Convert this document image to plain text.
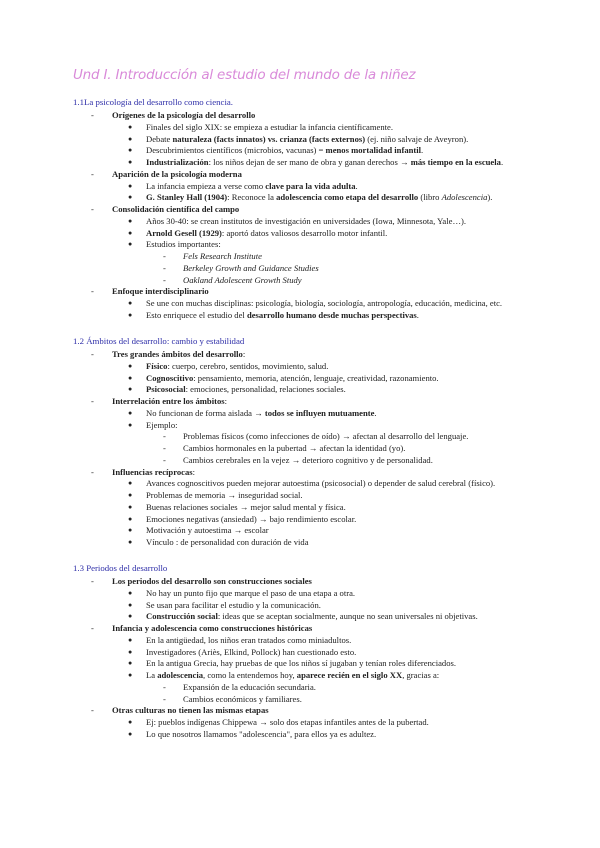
Und I. Introducción al estudio del mundo de la niñez
1.1La psicología del desarrollo como ciencia.
- Orígenes de la psicología del desarrollo
● Finales del siglo XIX: se empieza a estudiar la infancia científicamente.
● Debate naturaleza (facts innatos) vs. crianza (facts externos) (ej. niño salvaje de Aveyron).
● Descubrimientos científicos (microbios, vacunas) = menos mortalidad infantil.
● Industrialización: los niños dejan de ser mano de obra y ganan derechos → más tiempo en la escuela.
- Aparición de la psicología moderna
● La infancia empieza a verse como clave para la vida adulta.
● G. Stanley Hall (1904): Reconoce la adolescencia como etapa del desarrollo (libro Adolescencia).
- Consolidación científica del campo
● Años 30-40: se crean institutos de investigación en universidades (Iowa, Minnesota, Yale…).
● Arnold Gesell (1929): aportó datos valiosos desarrollo motor infantil.
● Estudios importantes:
- Fels Research Institute
- Berkeley Growth and Guidance Studies
- Oakland Adolescent Growth Study
- Enfoque interdisciplinario
● Se une con muchas disciplinas: psicología, biología, sociología, antropología, educación, medicina, etc.
● Esto enriquece el estudio del desarrollo humano desde muchas perspectivas.
1.2 Ámbitos del desarrollo: cambio y estabilidad
- Tres grandes ámbitos del desarrollo:
● Físico: cuerpo, cerebro, sentidos, movimiento, salud.
● Cognoscitivo: pensamiento, memoria, atención, lenguaje, creatividad, razonamiento.
● Psicosocial: emociones, personalidad, relaciones sociales.
- Interrelación entre los ámbitos:
● No funcionan de forma aislada → todos se influyen mutuamente.
● Ejemplo:
- Problemas físicos (como infecciones de oído) → afectan al desarrollo del lenguaje.
- Cambios hormonales en la pubertad → afectan la identidad (yo).
- Cambios cerebrales en la vejez → deterioro cognitivo y de personalidad.
- Influencias recíprocas:
● Avances cognoscitivos pueden mejorar autoestima (psicosocial) o depender de salud cerebral (físico).
● Problemas de memoria → inseguridad social.
● Buenas relaciones sociales → mejor salud mental y física.
● Emociones negativas (ansiedad) → bajo rendimiento escolar.
● Motivación y autoestima → escolar
● Vínculo : de personalidad con duración de vida
1.3 Periodos del desarrollo
- Los periodos del desarrollo son construcciones sociales
● No hay un punto fijo que marque el paso de una etapa a otra.
● Se usan para facilitar el estudio y la comunicación.
● Construcción social: ideas que se aceptan socialmente, aunque no sean universales ni objetivas.
- Infancia y adolescencia como construcciones históricas
● En la antigüedad, los niños eran tratados como miniadultos.
● Investigadores (Ariès, Elkind, Pollock) han cuestionado esto.
● En la antigua Grecia, hay pruebas de que los niños sí jugaban y tenían roles diferenciados.
● La adolescencia, como la entendemos hoy, aparece recién en el siglo XX, gracias a:
- Expansión de la educación secundaria.
- Cambios económicos y familiares.
- Otras culturas no tienen las mismas etapas
● Ej: pueblos indígenas Chippewa → solo dos etapas infantiles antes de la pubertad.
● Lo que nosotros llamamos "adolescencia", para ellos ya es adultez.
